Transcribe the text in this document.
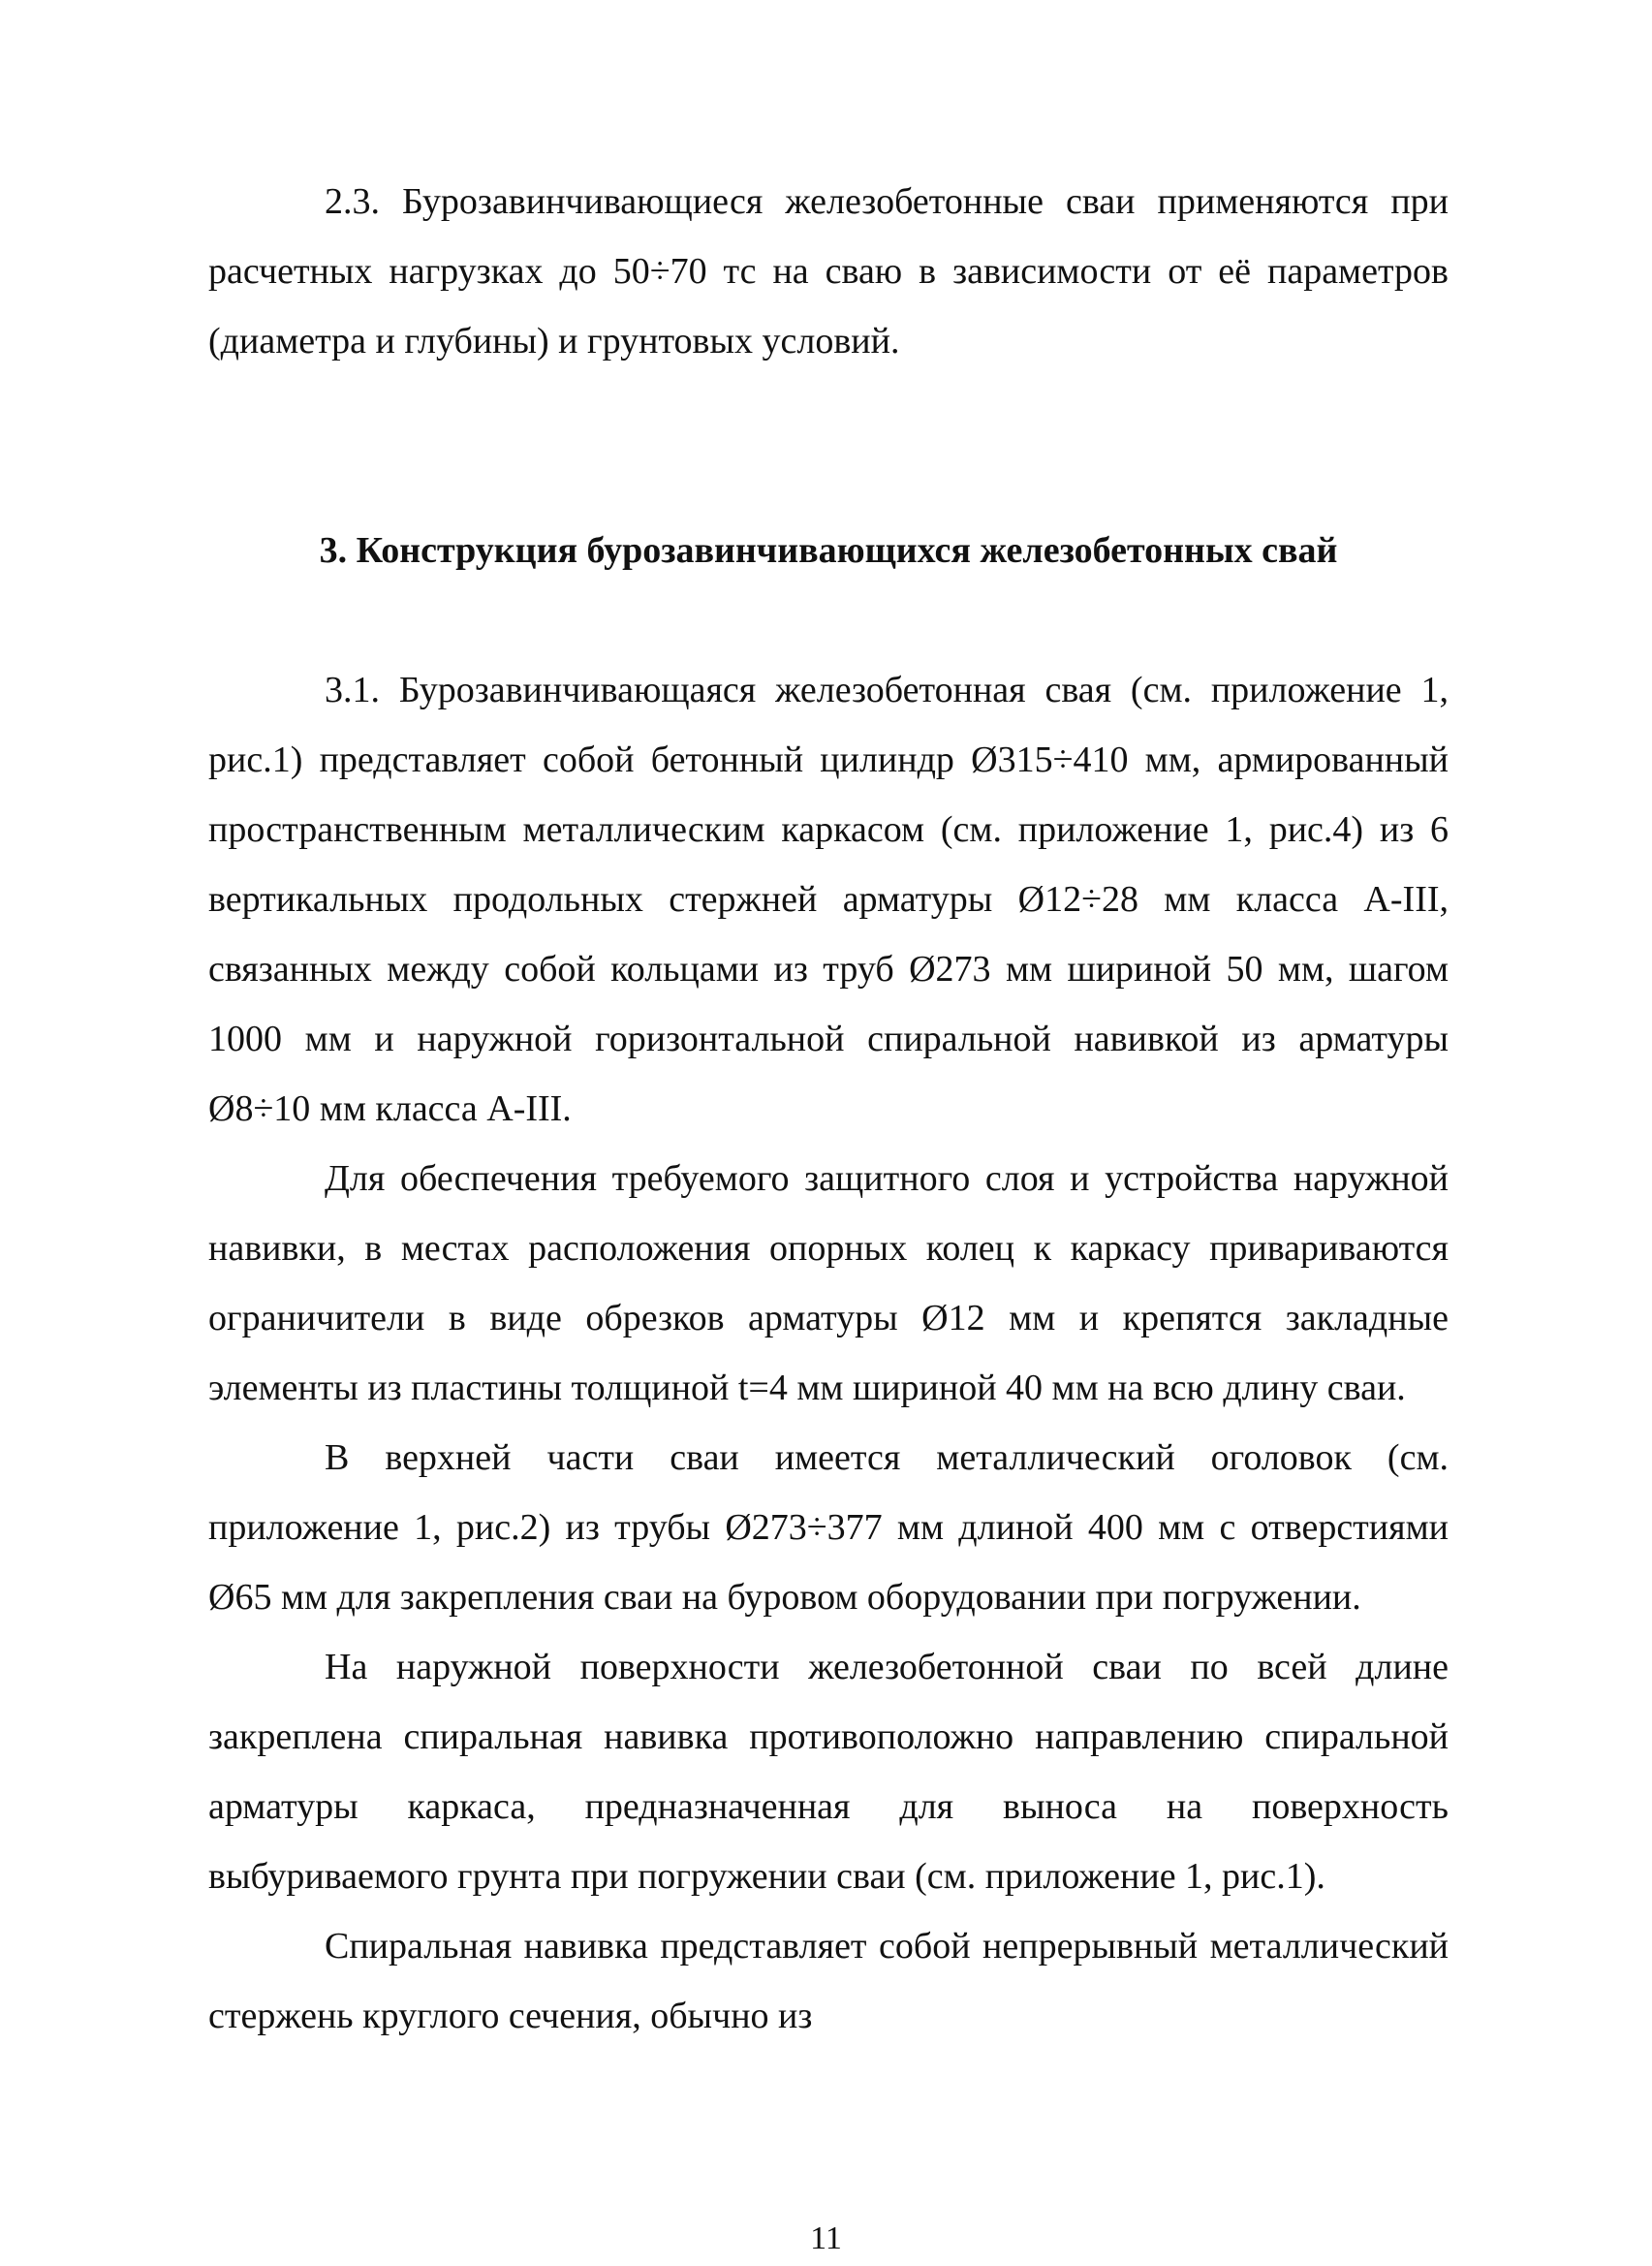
2.3. Бурозавинчивающиеся железобетонные сваи применяются при расчетных нагрузках до 50÷70 тс на сваю в зависимости от её параметров (диаметра и глубины) и грунтовых условий.

3. Конструкция бурозавинчивающихся железобетонных свай

3.1. Бурозавинчивающаяся железобетонная свая (см. приложение 1, рис.1) представляет собой бетонный цилиндр Ø315÷410 мм, армированный пространственным металлическим каркасом (см. приложение 1, рис.4) из 6 вертикальных продольных стержней арматуры Ø12÷28 мм класса А-III, связанных между собой кольцами из труб Ø273 мм шириной 50 мм, шагом 1000 мм и наружной горизонтальной спиральной навивкой из арматуры Ø8÷10 мм класса А-III.

Для обеспечения требуемого защитного слоя и устройства наружной навивки, в местах расположения опорных колец к каркасу привариваются ограничители в виде обрезков арматуры Ø12 мм и крепятся закладные элементы из пластины толщиной t=4 мм шириной 40 мм на всю длину сваи.

В верхней части сваи имеется металлический оголовок (см. приложение 1, рис.2) из трубы Ø273÷377 мм длиной 400 мм с отверстиями Ø65 мм для закрепления сваи на буровом оборудовании при погружении.

На наружной поверхности железобетонной сваи по всей длине закреплена спиральная навивка противоположно направлению спиральной арматуры каркаса, предназначенная для выноса на поверхность выбуриваемого грунта при погружении сваи (см. приложение 1, рис.1).

Спиральная навивка представляет собой непрерывный металлический стержень круглого сечения, обычно из

11
